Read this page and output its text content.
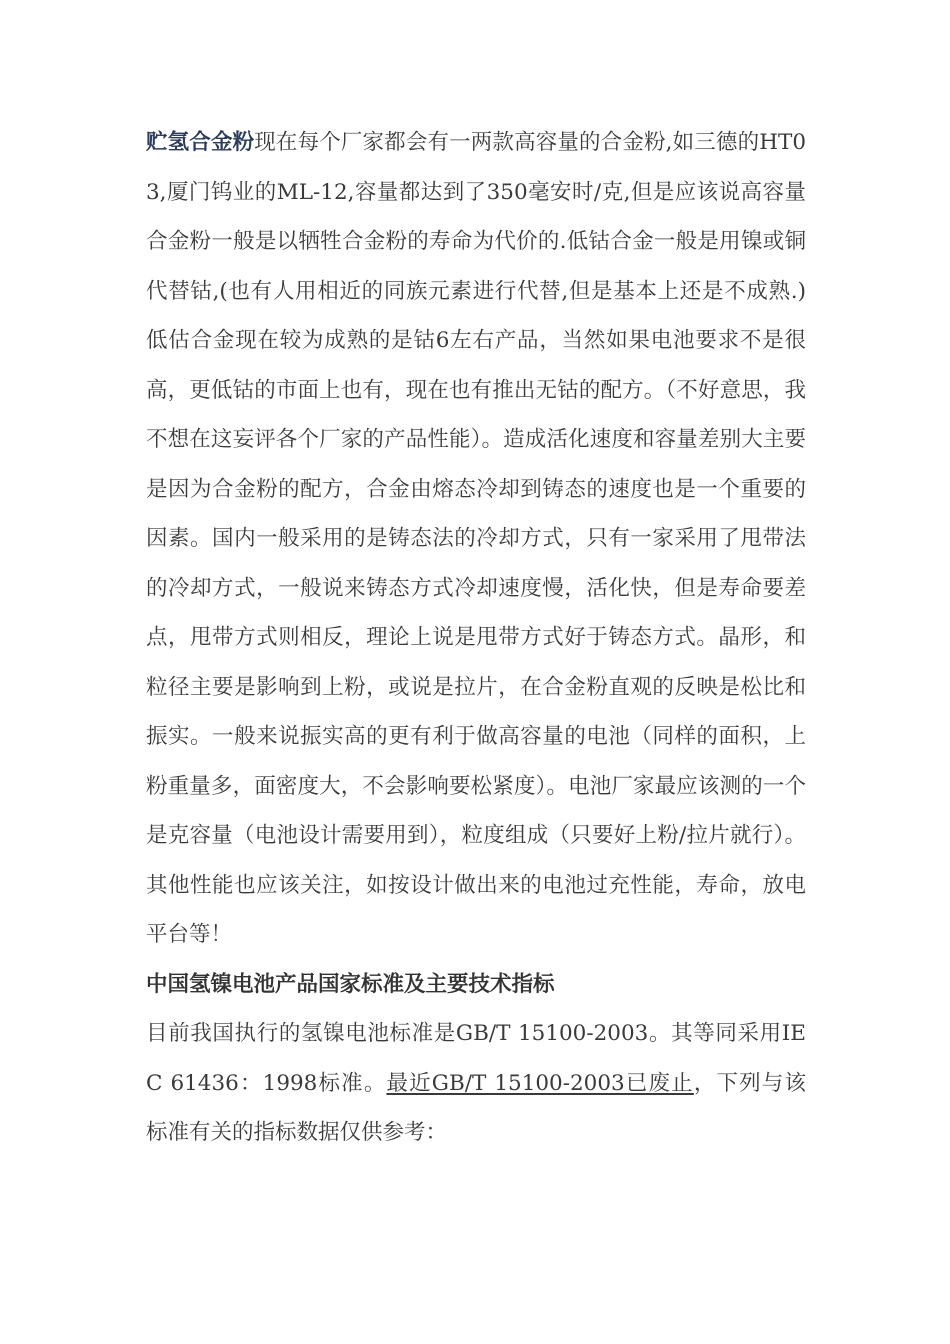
贮氢合金粉现在每个厂家都会有一两款高容量的合金粉,如三德的HT03,厦门钨业的ML-12,容量都达到了350毫安时/克,但是应该说高容量合金粉一般是以牺牲合金粉的寿命为代价的.低钴合金一般是用镍或铜代替钴,(也有人用相近的同族元素进行代替,但是基本上还是不成熟.)低估合金现在较为成熟的是钴6左右产品，当然如果电池要求不是很高，更低钴的市面上也有，现在也有推出无钴的配方。（不好意思，我不想在这妄评各个厂家的产品性能）。造成活化速度和容量差别大主要是因为合金粉的配方，合金由熔态冷却到铸态的速度也是一个重要的因素。国内一般采用的是铸态法的冷却方式，只有一家采用了甩带法的冷却方式，一般说来铸态方式冷却速度慢，活化快，但是寿命要差点，甩带方式则相反，理论上说是甩带方式好于铸态方式。晶形，和粒径主要是影响到上粉，或说是拉片，在合金粉直观的反映是松比和振实。一般来说振实高的更有利于做高容量的电池（同样的面积，上粉重量多，面密度大，不会影响要松紧度）。电池厂家最应该测的一个是克容量（电池设计需要用到），粒度组成（只要好上粉/拉片就行）。其他性能也应该关注，如按设计做出来的电池过充性能，寿命，放电平台等！

中国氢镍电池产品国家标准及主要技术指标

目前我国执行的氢镍电池标准是GB/T 15100-2003。其等同采用IEC 61436：1998标准。最近GB/T 15100-2003已废止，下列与该标准有关的指标数据仅供参考：
